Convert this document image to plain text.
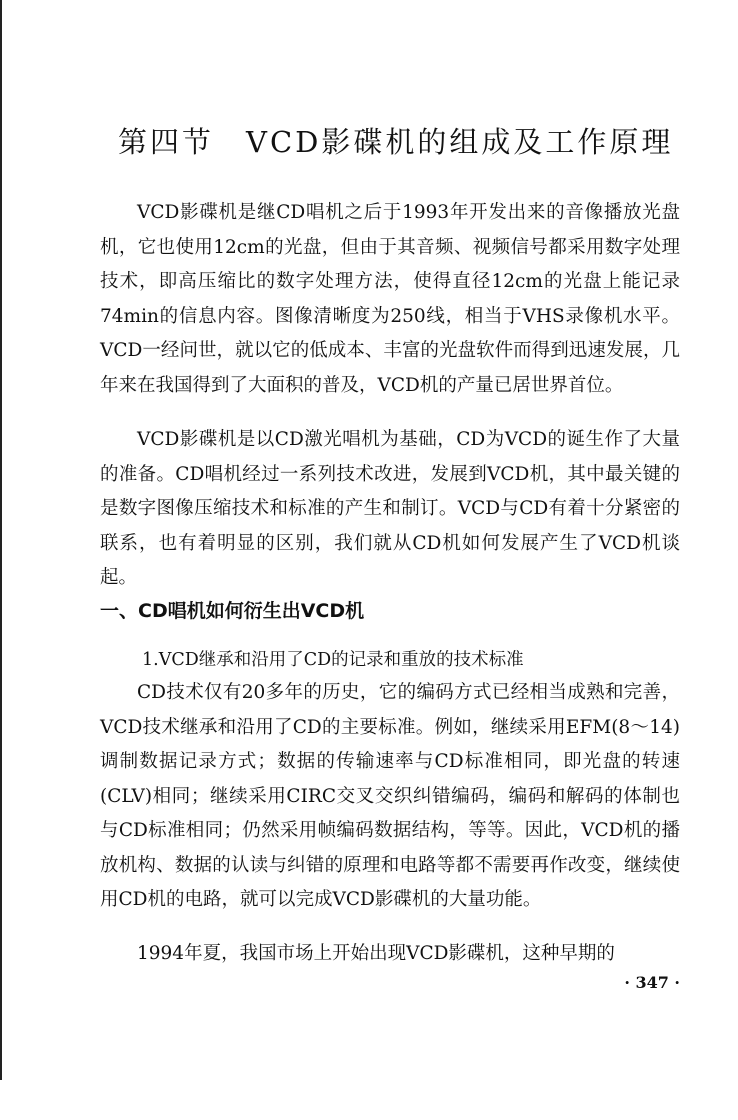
第四节 VCD影碟机的组成及工作原理

VCD影碟机是继CD唱机之后于1993年开发出来的音像播放光盘机，它也使用12cm的光盘，但由于其音频、视频信号都采用数字处理技术，即高压缩比的数字处理方法，使得直径12cm的光盘上能记录74min的信息内容。图像清晰度为250线，相当于VHS录像机水平。VCD一经问世，就以它的低成本、丰富的光盘软件而得到迅速发展，几年来在我国得到了大面积的普及，VCD机的产量已居世界首位。

VCD影碟机是以CD激光唱机为基础，CD为VCD的诞生作了大量的准备。CD唱机经过一系列技术改进，发展到VCD机，其中最关键的是数字图像压缩技术和标准的产生和制订。VCD与CD有着十分紧密的联系，也有着明显的区别，我们就从CD机如何发展产生了VCD机谈起。

一、CD唱机如何衍生出VCD机

1.VCD继承和沿用了CD的记录和重放的技术标准

CD技术仅有20多年的历史，它的编码方式已经相当成熟和完善，VCD技术继承和沿用了CD的主要标准。例如，继续采用EFM(8～14)调制数据记录方式；数据的传输速率与CD标准相同，即光盘的转速(CLV)相同；继续采用CIRC交叉交织纠错编码，编码和解码的体制也与CD标准相同；仍然采用帧编码数据结构，等等。因此，VCD机的播放机构、数据的认读与纠错的原理和电路等都不需要再作改变，继续使用CD机的电路，就可以完成VCD影碟机的大量功能。

1994年夏，我国市场上开始出现VCD影碟机，这种早期的

· 347 ·
